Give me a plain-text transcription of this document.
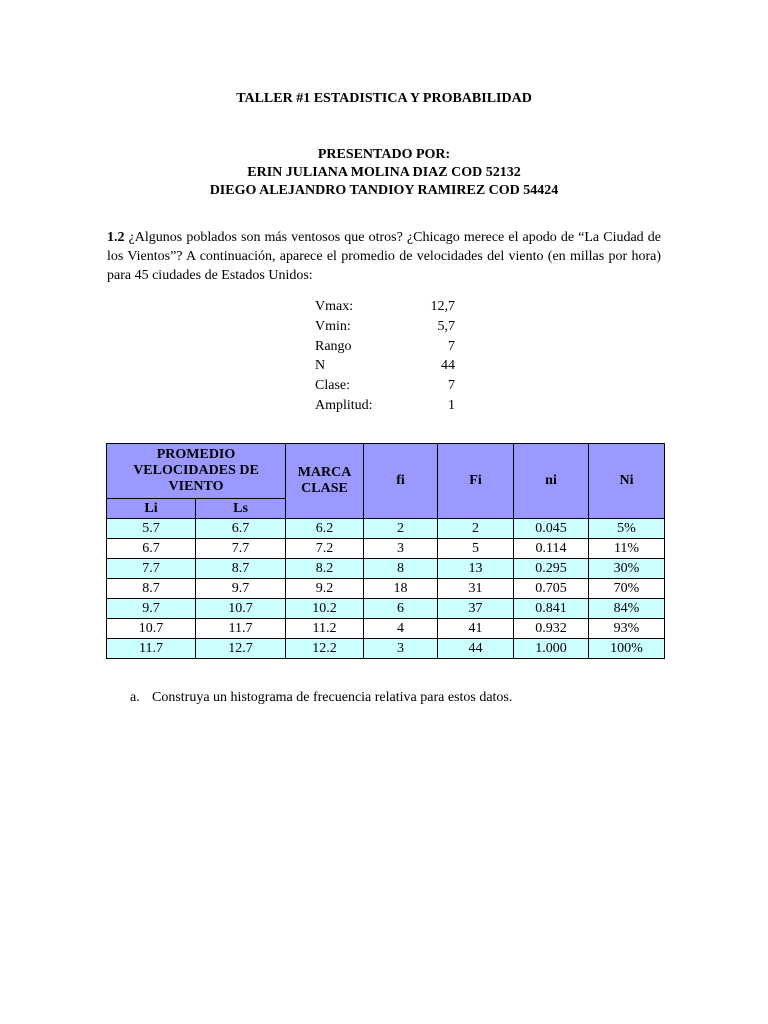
TALLER #1 ESTADISTICA Y PROBABILIDAD
PRESENTADO POR:
ERIN JULIANA MOLINA DIAZ COD 52132
DIEGO ALEJANDRO TANDIOY RAMIREZ COD 54424
1.2 ¿Algunos poblados son más ventosos que otros? ¿Chicago merece el apodo de “La Ciudad de los Vientos”? A continuación, aparece el promedio de velocidades del viento (en millas por hora) para 45 ciudades de Estados Unidos:
Vmax:	12,7
Vmin:	5,7
Rango	7
N	44
Clase:	7
Amplitud:	1
PROMEDIO VELOCIDADES DE VIENTO		MARCA CLASE	fi	Fi	ni	Ni
Li	Ls					
5.7	6.7	6.2	2	2	0.045	5%
6.7	7.7	7.2	3	5	0.114	11%
7.7	8.7	8.2	8	13	0.295	30%
8.7	9.7	9.2	18	31	0.705	70%
9.7	10.7	10.2	6	37	0.841	84%
10.7	11.7	11.2	4	41	0.932	93%
11.7	12.7	12.2	3	44	1.000	100%
a. Construya un histograma de frecuencia relativa para estos datos.
